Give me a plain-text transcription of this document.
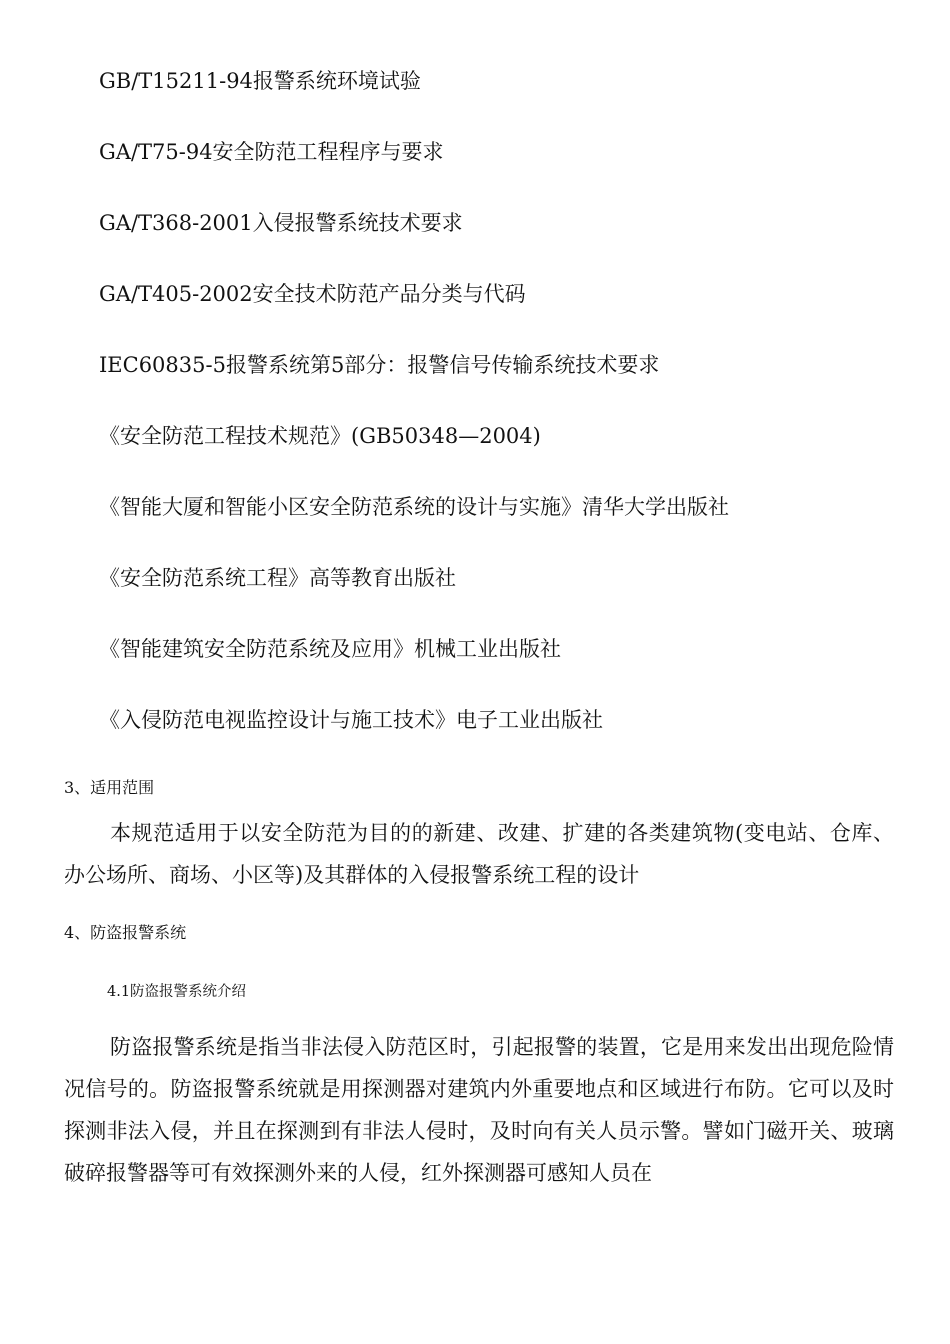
GB/T15211-94报警系统环境试验
GA/T75-94安全防范工程程序与要求
GA/T368-2001入侵报警系统技术要求
GA/T405-2002安全技术防范产品分类与代码
IEC60835-5报警系统第5部分：报警信号传输系统技术要求
《安全防范工程技术规范》(GB50348—2004)
《智能大厦和智能小区安全防范系统的设计与实施》清华大学出版社
《安全防范系统工程》高等教育出版社
《智能建筑安全防范系统及应用》机械工业出版社
《入侵防范电视监控设计与施工技术》电子工业出版社
3、适用范围

本规范适用于以安全防范为目的的新建、改建、扩建的各类建筑物(变电站、仓库、办公场所、商场、小区等)及其群体的入侵报警系统工程的设计

4、防盗报警系统
4.1防盗报警系统介绍

防盗报警系统是指当非法侵入防范区时，引起报警的装置，它是用来发出出现危险情况信号的。防盗报警系统就是用探测器对建筑内外重要地点和区域进行布防。它可以及时探测非法入侵，并且在探测到有非法人侵时，及时向有关人员示警。譬如门磁开关、玻璃破碎报警器等可有效探测外来的人侵，红外探测器可感知人员在
